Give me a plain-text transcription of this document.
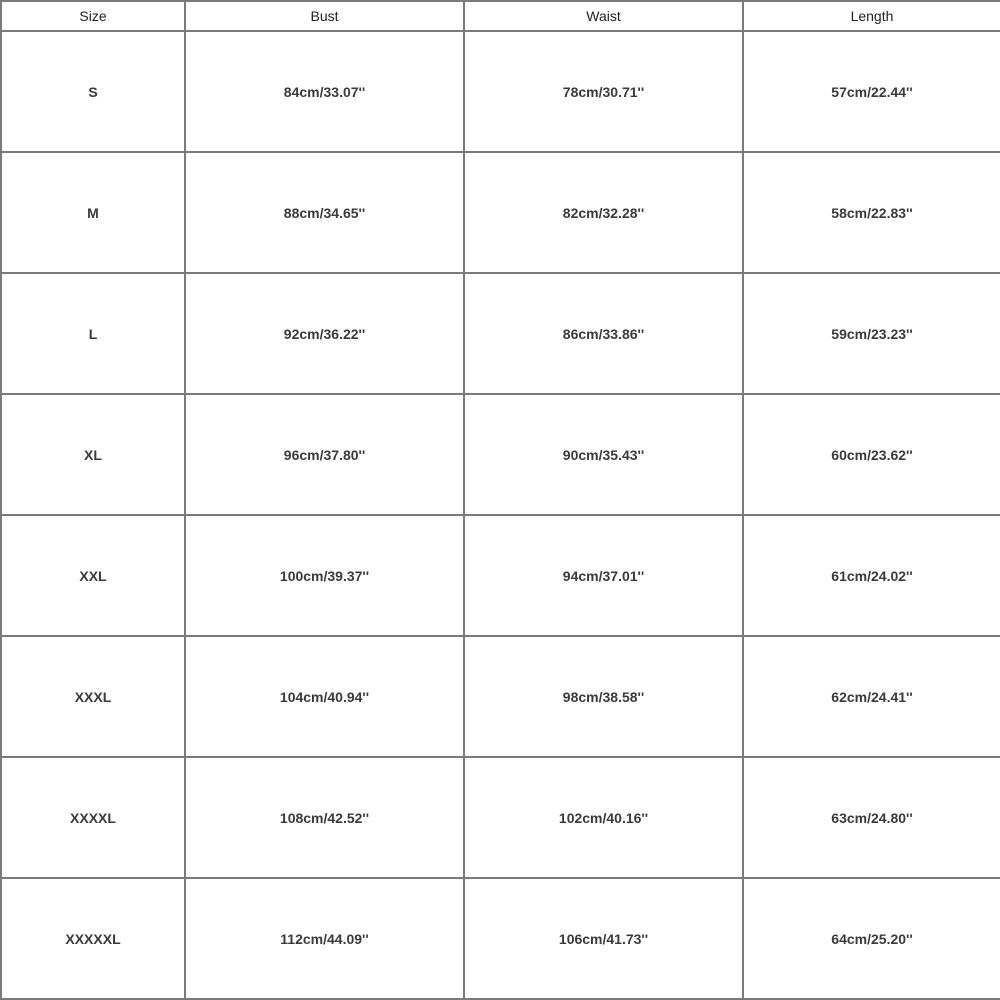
Size	Bust	Waist	Length
S	84cm/33.07''	78cm/30.71''	57cm/22.44''
M	88cm/34.65''	82cm/32.28''	58cm/22.83''
L	92cm/36.22''	86cm/33.86''	59cm/23.23''
XL	96cm/37.80''	90cm/35.43''	60cm/23.62''
XXL	100cm/39.37''	94cm/37.01''	61cm/24.02''
XXXL	104cm/40.94''	98cm/38.58''	62cm/24.41''
XXXXL	108cm/42.52''	102cm/40.16''	63cm/24.80''
XXXXXL	112cm/44.09''	106cm/41.73''	64cm/25.20''
